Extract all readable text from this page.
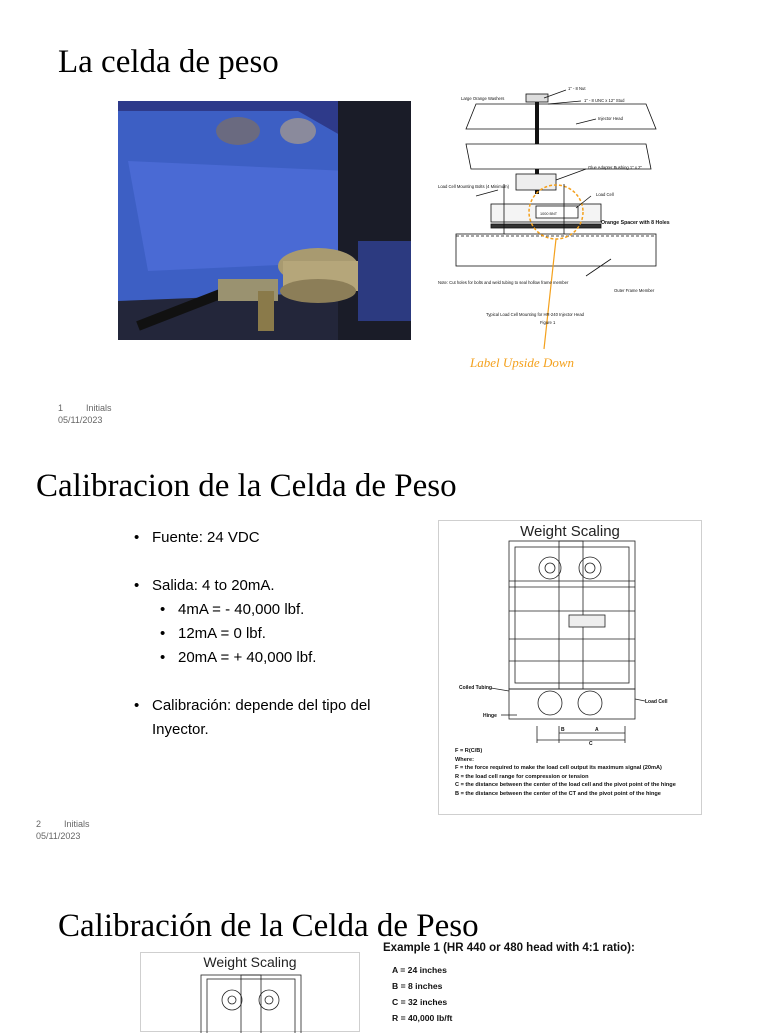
La celda de peso
1" - 8 Nut
1" - 8 UNC x 12" Stud
Large Orange Washers
Injector Head
Glue Adapter Bushing 1" x 2"
Load Cell Mounting Bolts (4 Minimum)
Load Cell
1000 BNT
Note: Cut holes for bolts and weld tubing to seal hollow frame member
Outer Frame Member
Typical Load Cell Mounting for HR-240 Injector Head
Figure 1
Orange Spacer with 8 Holes
Label Upside Down
1	Initials
05/11/2023
Calibracion de la Celda de Peso
• Fuente: 24 VDC
• Salida: 4 to 20mA.
• 4mA = - 40,000 lbf.
• 12mA = 0 lbf.
• 20mA = + 40,000 lbf.
• Calibración: depende del tipo del Inyector.
Weight Scaling
Coiled Tubing
Hinge
Load Cell
A
B
C
F = R(C/B)
Where:
F = the force required to make the load cell output its maximum signal (20mA)
R = the load cell range for compression or tension
C = the distance between the center of the load cell and the pivot point of the hinge
B = the distance between the center of the CT and the pivot point of the hinge
2	Initials
05/11/2023
Calibración de la Celda de Peso
Weight Scaling
Example 1 (HR 440 or 480 head with 4:1 ratio):
A = 24 inches
B = 8 inches
C = 32 inches
R = 40,000 lb/ft
